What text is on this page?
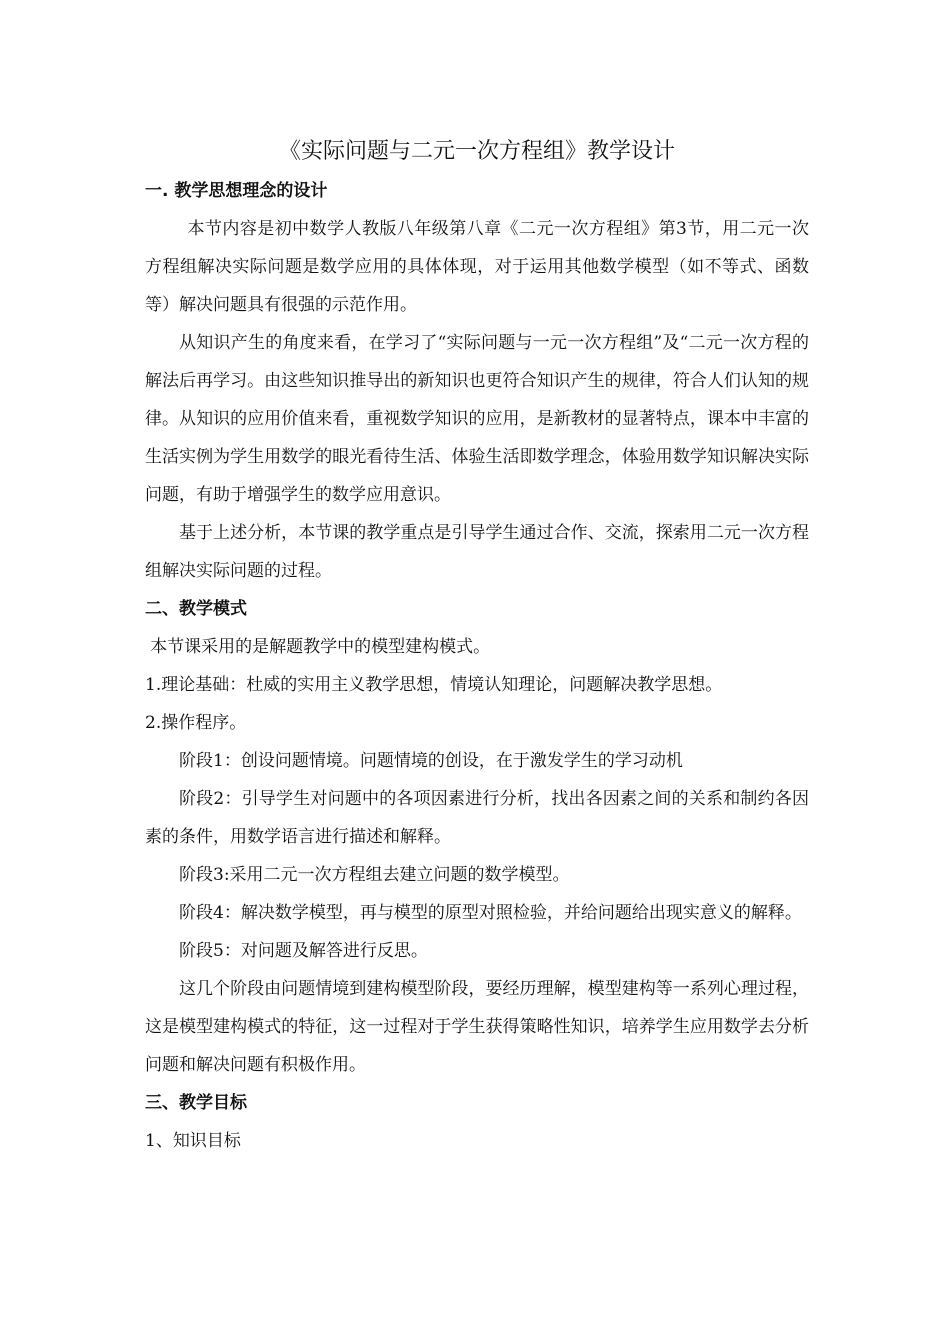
《实际问题与二元一次方程组》教学设计
一. 教学思想理念的设计

本节内容是初中数学人教版八年级第八章《二元一次方程组》第3节，用二元一次方程组解决实际问题是数学应用的具体体现，对于运用其他数学模型（如不等式、函数等）解决问题具有很强的示范作用。

从知识产生的角度来看，在学习了“实际问题与一元一次方程组”及“二元一次方程的解法后再学习。由这些知识推导出的新知识也更符合知识产生的规律，符合人们认知的规律。从知识的应用价值来看，重视数学知识的应用，是新教材的显著特点，课本中丰富的生活实例为学生用数学的眼光看待生活、体验生活即数学理念，体验用数学知识解决实际问题，有助于增强学生的数学应用意识。

基于上述分析，本节课的教学重点是引导学生通过合作、交流，探索用二元一次方程组解决实际问题的过程。

二、教学模式

本节课采用的是解题教学中的模型建构模式。

1.理论基础：杜威的实用主义教学思想，情境认知理论，问题解决教学思想。

2.操作程序。

阶段1：创设问题情境。问题情境的创设，在于激发学生的学习动机

阶段2：引导学生对问题中的各项因素进行分析，找出各因素之间的关系和制约各因素的条件，用数学语言进行描述和解释。

阶段3:采用二元一次方程组去建立问题的数学模型。

阶段4：解决数学模型，再与模型的原型对照检验，并给问题给出现实意义的解释。

阶段5：对问题及解答进行反思。

这几个阶段由问题情境到建构模型阶段，要经历理解，模型建构等一系列心理过程，这是模型建构模式的特征，这一过程对于学生获得策略性知识，培养学生应用数学去分析问题和解决问题有积极作用。

三、教学目标

1、知识目标
